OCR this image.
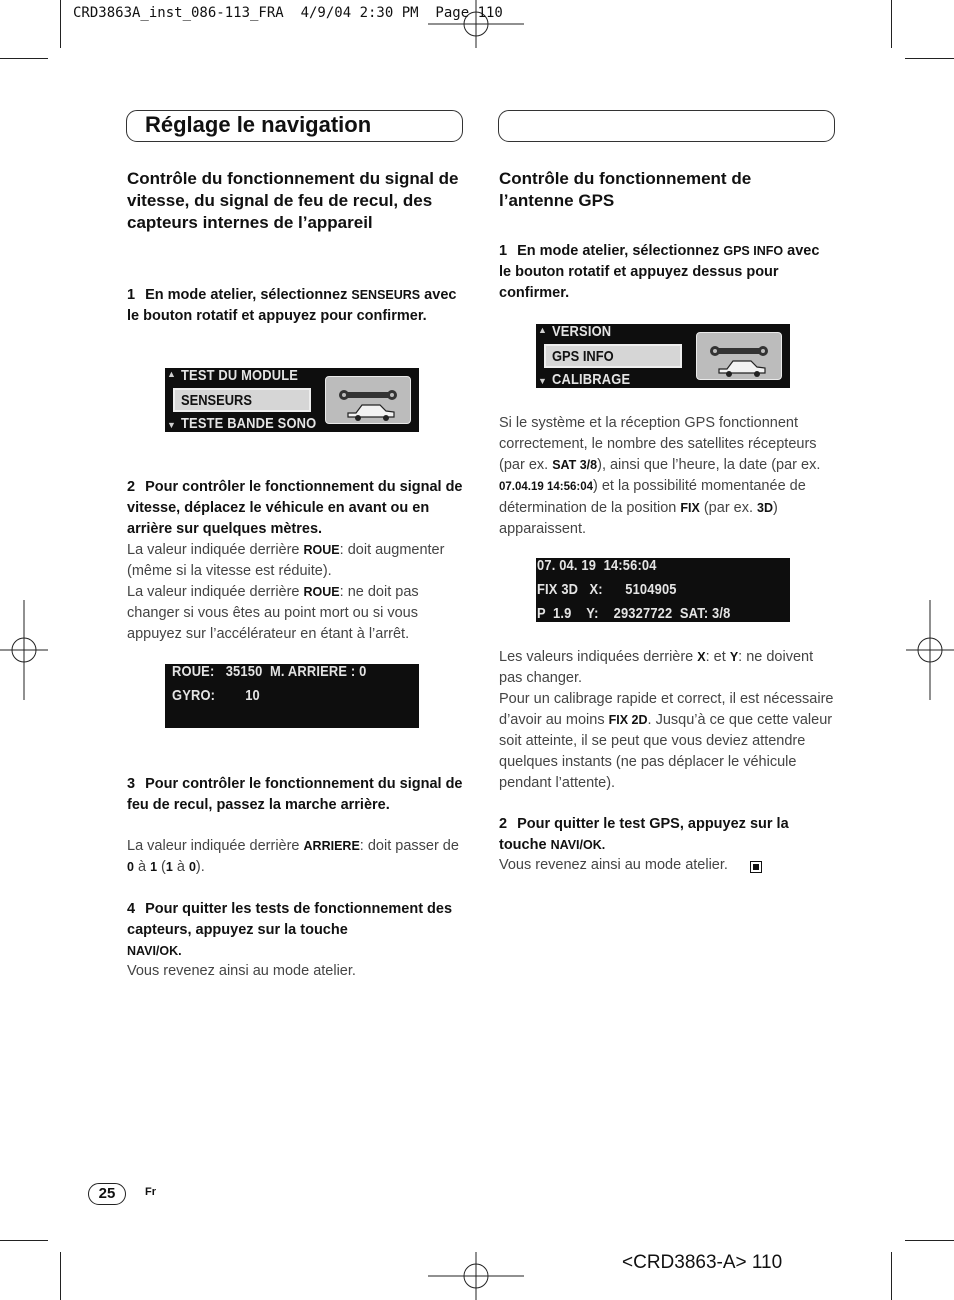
CRD3863A_inst_086-113_FRA  4/9/04 2:30 PM  Page 110
Réglage le navigation
Contrôle du fonctionnement du signal de vitesse, du signal de feu de recul, des capteurs internes de l’appareil
1 En mode atelier, sélectionnez SENSEURS avec le bouton rotatif et appuyez pour confirmer.
▲ TEST DU MODULE
SENSEURS
▼ TESTE BANDE SONO
2 Pour contrôler le fonctionnement du signal de vitesse, déplacez le véhicule en avant ou en arrière sur quelques mètres.
La valeur indiquée derrière ROUE: doit augmenter (même si la vitesse est réduite).
La valeur indiquée derrière ROUE: ne doit pas changer si vous êtes au point mort ou si vous appuyez sur l’accélérateur en étant à l’arrêt.
ROUE:   35150  M. ARRIERE : 0
GYRO:        10
3 Pour contrôler le fonctionnement du signal de feu de recul, passez la marche arrière.
La valeur indiquée derrière ARRIERE: doit passer de 0 à 1 (1 à 0).
4 Pour quitter les tests de fonctionnement des capteurs, appuyez sur la touche
NAVI/OK.
Vous revenez ainsi au mode atelier.
Contrôle du fonctionnement de l’antenne GPS
1 En mode atelier, sélectionnez GPS INFO avec le bouton rotatif et appuyez dessus pour confirmer.
▲ VERSION
GPS INFO
▼ CALIBRAGE
Si le système et la réception GPS fonctionnent correctement, le nombre des satellites récepteurs (par ex. SAT 3/8), ainsi que l’heure, la date (par ex. 07.04.19 14:56:04) et la possibilité momentanée de détermination de la position FIX (par ex. 3D) apparaissent.
07. 04. 19  14:56:04
FIX 3D   X:      5104905
P  1.9    Y:    29327722  SAT: 3/8
Les valeurs indiquées derrière X: et Y: ne doivent pas changer.
Pour un calibrage rapide et correct, il est nécessaire d’avoir au moins FIX 2D. Jusqu’à ce que cette valeur soit atteinte, il se peut que vous deviez attendre quelques instants (ne pas déplacer le véhicule pendant l’attente).
2 Pour quitter le test GPS, appuyez sur la touche NAVI/OK.
Vous revenez ainsi au mode atelier.
25	Fr
<CRD3863-A> 110
